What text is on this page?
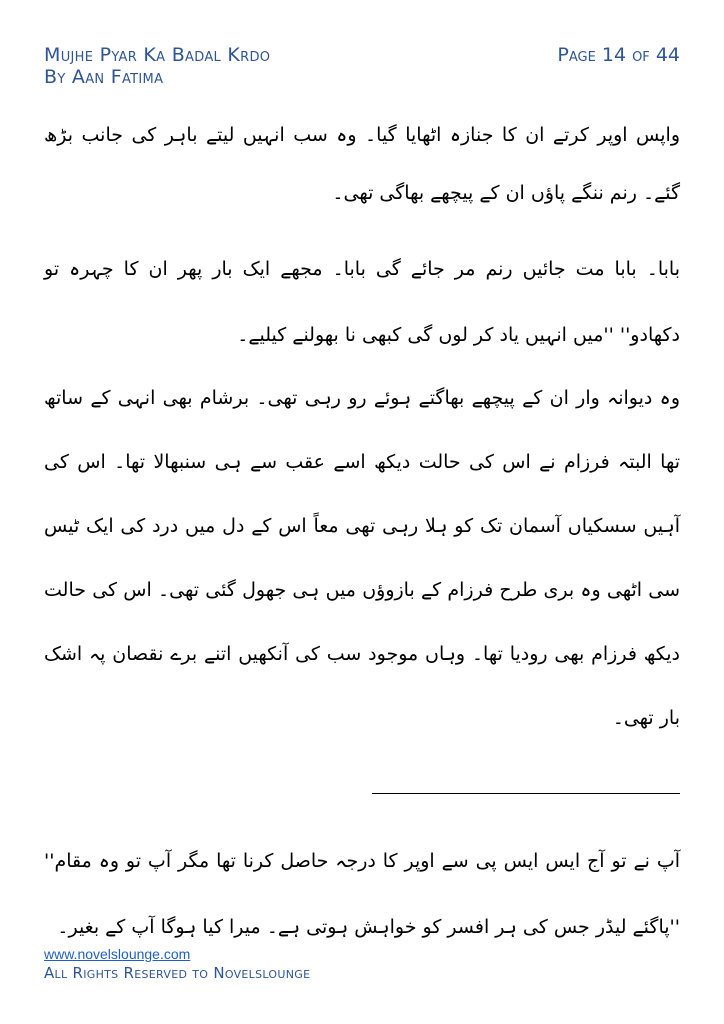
Mujhe Pyar Ka Badal Krdo
By Aan Fatima
Page 14 of 44

واپس اوپر کرتے ان کا جنازہ اٹھایا گیا۔ وہ سب انہیں لیتے باہر کی جانب بڑھ گئے۔ رنم ننگے پاؤں ان کے پیچھے بھاگی تھی۔

بابا۔ بابا مت جائیں رنم مر جائے گی بابا۔ مجھے ایک بار پھر ان کا چہرہ تو دکھادو'' ''میں انہیں یاد کر لوں گی کبھی نا بھولنے کیلیے۔

وہ دیوانہ وار ان کے پیچھے بھاگتے ہوئے رو رہی تھی۔ برشام بھی انہی کے ساتھ تھا البتہ فرزام نے اس کی حالت دیکھ اسے عقب سے ہی سنبھالا تھا۔ اس کی آہیں سسکیاں آسمان تک کو ہلا رہی تھی معاً اس کے دل میں درد کی ایک ٹیس سی اٹھی وہ بری طرح فرزام کے بازوؤں میں ہی جھول گئی تھی۔ اس کی حالت دیکھ فرزام بھی رودیا تھا۔ وہاں موجود سب کی آنکھیں اتنے برے نقصان پہ اشک بار تھی۔

آپ نے تو آج ایس ایس پی سے اوپر کا درجہ حاصل کرنا تھا مگر آپ تو وہ مقام'' ''پاگئے لیڈر جس کی ہر افسر کو خواہش ہوتی ہے۔ میرا کیا ہوگا آپ کے بغیر۔

www.novelslounge.com
All Rights Reserved to Novelslounge
